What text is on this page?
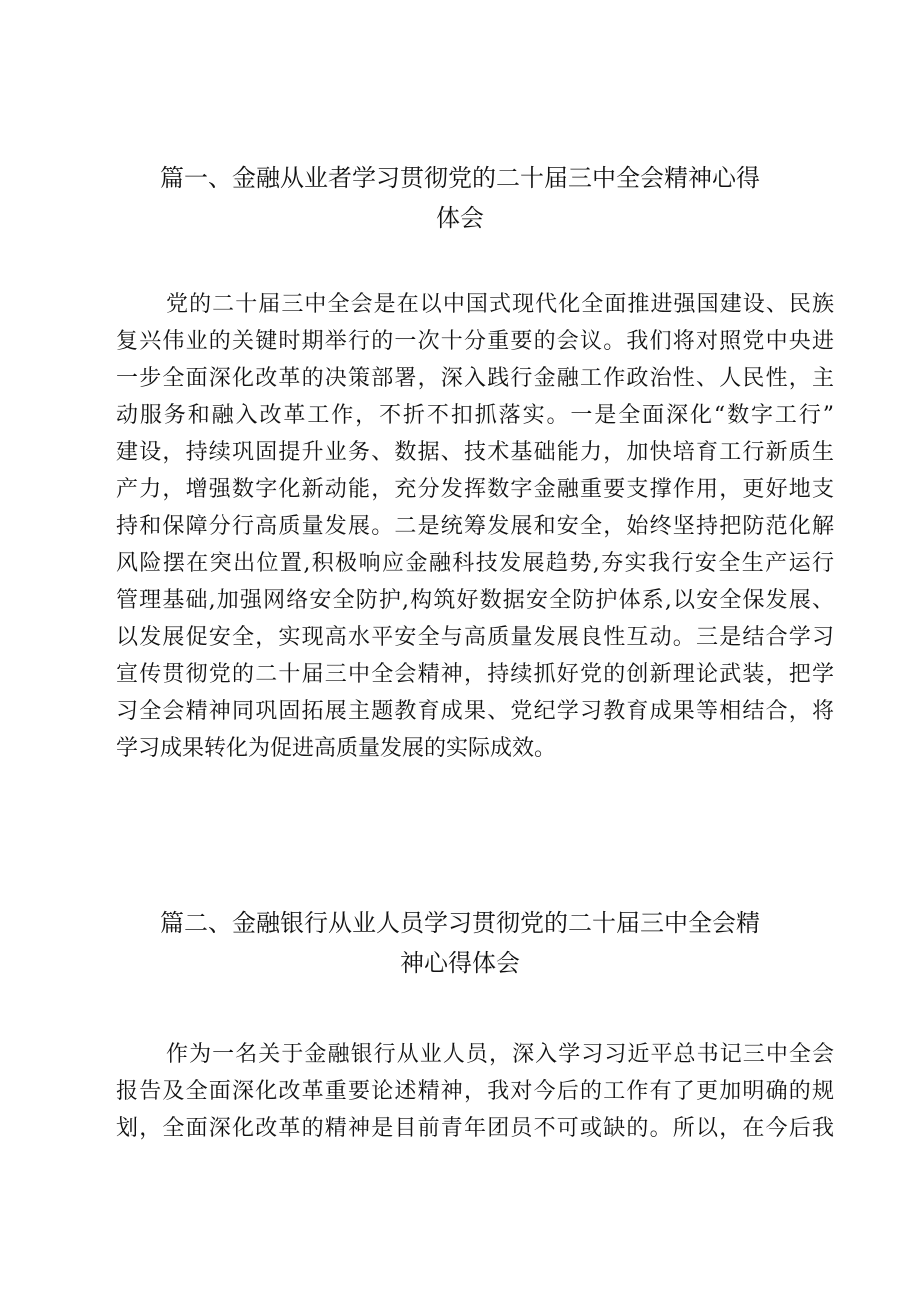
篇一、金融从业者学习贯彻党的二十届三中全会精神心得
体会
党的二十届三中全会是在以中国式现代化全面推进强国建设、民族
复兴伟业的关键时期举行的一次十分重要的会议。我们将对照党中央进
一步全面深化改革的决策部署，深入践行金融工作政治性、人民性，主
动服务和融入改革工作，不折不扣抓落实。一是全面深化“数字工行”
建设，持续巩固提升业务、数据、技术基础能力，加快培育工行新质生
产力，增强数字化新动能，充分发挥数字金融重要支撑作用，更好地支
持和保障分行高质量发展。二是统筹发展和安全，始终坚持把防范化解
风险摆在突出位置,积极响应金融科技发展趋势,夯实我行安全生产运行
管理基础,加强网络安全防护,构筑好数据安全防护体系,以安全保发展、
以发展促安全，实现高水平安全与高质量发展良性互动。三是结合学习
宣传贯彻党的二十届三中全会精神，持续抓好党的创新理论武装，把学
习全会精神同巩固拓展主题教育成果、党纪学习教育成果等相结合，将
学习成果转化为促进高质量发展的实际成效。
篇二、金融银行从业人员学习贯彻党的二十届三中全会精
神心得体会
作为一名关于金融银行从业人员，深入学习习近平总书记三中全会
报告及全面深化改革重要论述精神，我对今后的工作有了更加明确的规
划，全面深化改革的精神是目前青年团员不可或缺的。所以，在今后我
